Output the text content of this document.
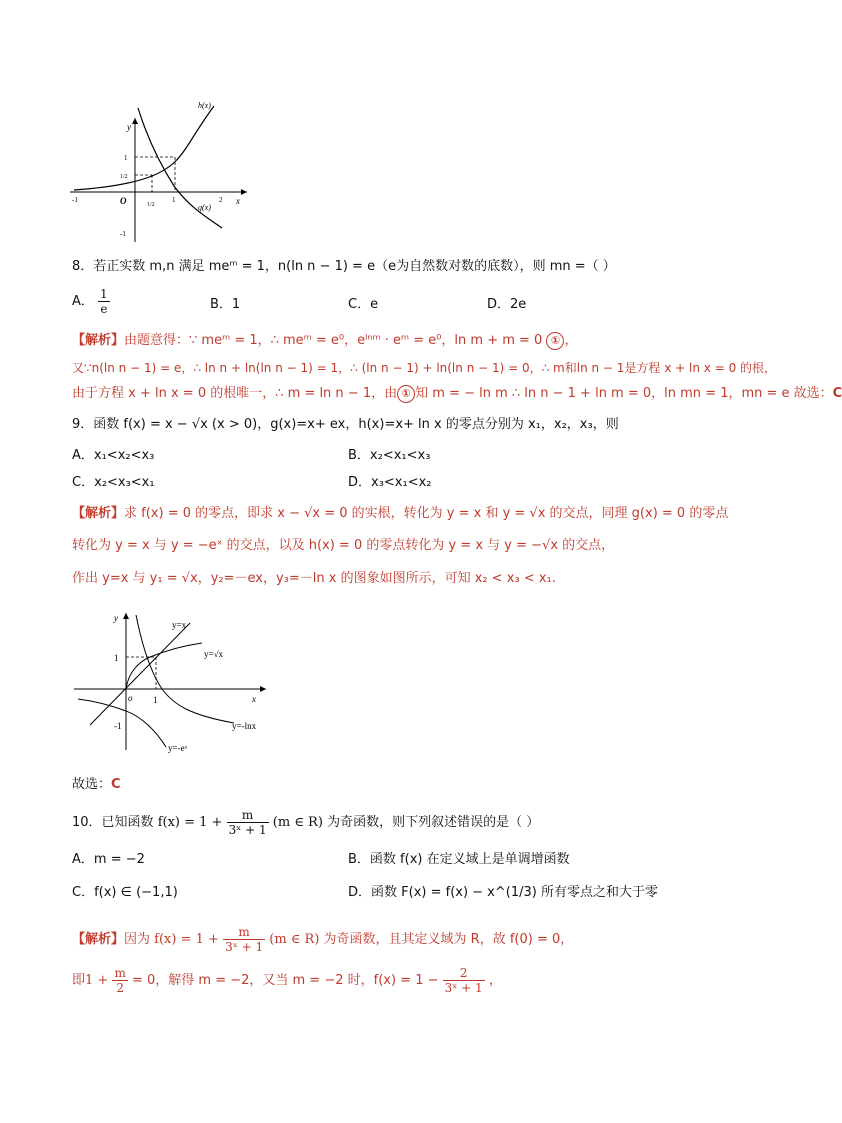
h(x)
g(x)
y
x
O
-1
1/2
1	2
1
1/2
-1
8．若正实数 m,n 满足 meᵐ = 1，n(ln n − 1) = e（e为自然数对数的底数），则 mn =（ ）
A． $\frac{1}{e}$	B．1	C．e	D．2e
【解析】由题意得：∵ meᵐ = 1，∴ meᵐ = e⁰，eˡⁿᵐ · eᵐ = e⁰，ln m + m = 0 ① ，
又∵n(ln n − 1) = e，∴ ln n + ln(ln n − 1) = 1，∴ (ln n − 1) + ln(ln n − 1) = 0，∴ m和ln n − 1是方程 x + ln x = 0 的根，
由于方程 x + ln x = 0 的根唯一，∴ m = ln n − 1，由 ① 知 m = − ln m ∴ ln n − 1 + ln m = 0，ln mn = 1，mn = e 故选：C
9．函数 f(x) = x − √x (x > 0)，g(x)=x+ ex，h(x)=x+ ln x 的零点分别为 x₁，x₂，x₃，则
A．x₁<x₂<x₃	B．x₂<x₁<x₃
C．x₂<x₃<x₁	D．x₃<x₁<x₂
【解析】求 f(x) = 0 的零点，即求 x − √x = 0 的实根，转化为 y = x 和 y = √x 的交点，同理 g(x) = 0 的零点
转化为 y = x 与 y = −eˣ 的交点，以及 h(x) = 0 的零点转化为 y = x 与 y = −√x 的交点，
作出 y=x 与 y₁ = √x，y₂=－ex，y₃=－ln x 的图象如图所示，可知 x₂ < x₃ < x₁.
y=x
y=√x
y=-lnx
y=-eˣ
y
x
o 1
1
-1
故选：C
10．已知函数 $f(x) = 1 + \frac{m}{\text{3ˣ + 1}} (m$ ∈ R) 为奇函数，则下列叙述错误的是（ ）
A．m = −2	B．函数 f(x) 在定义域上是单调增函数
C．f(x) ∈ (−1,1)	D．函数 F(x) = f(x) − x^(1/3) 所有零点之和大于零
【解析】因为 $f(x) = 1 + \frac{m}{\text{3ˣ + 1}} (m$ ∈ R) 为奇函数，且其定义域为 R，故 f(0) = 0，
即$1 + \frac{m}{2} = 0$，解得 m = −2，又当 m = −2 时，$f(x) = 1 - \frac{2}{\text{3ˣ + 1}}$ ，
